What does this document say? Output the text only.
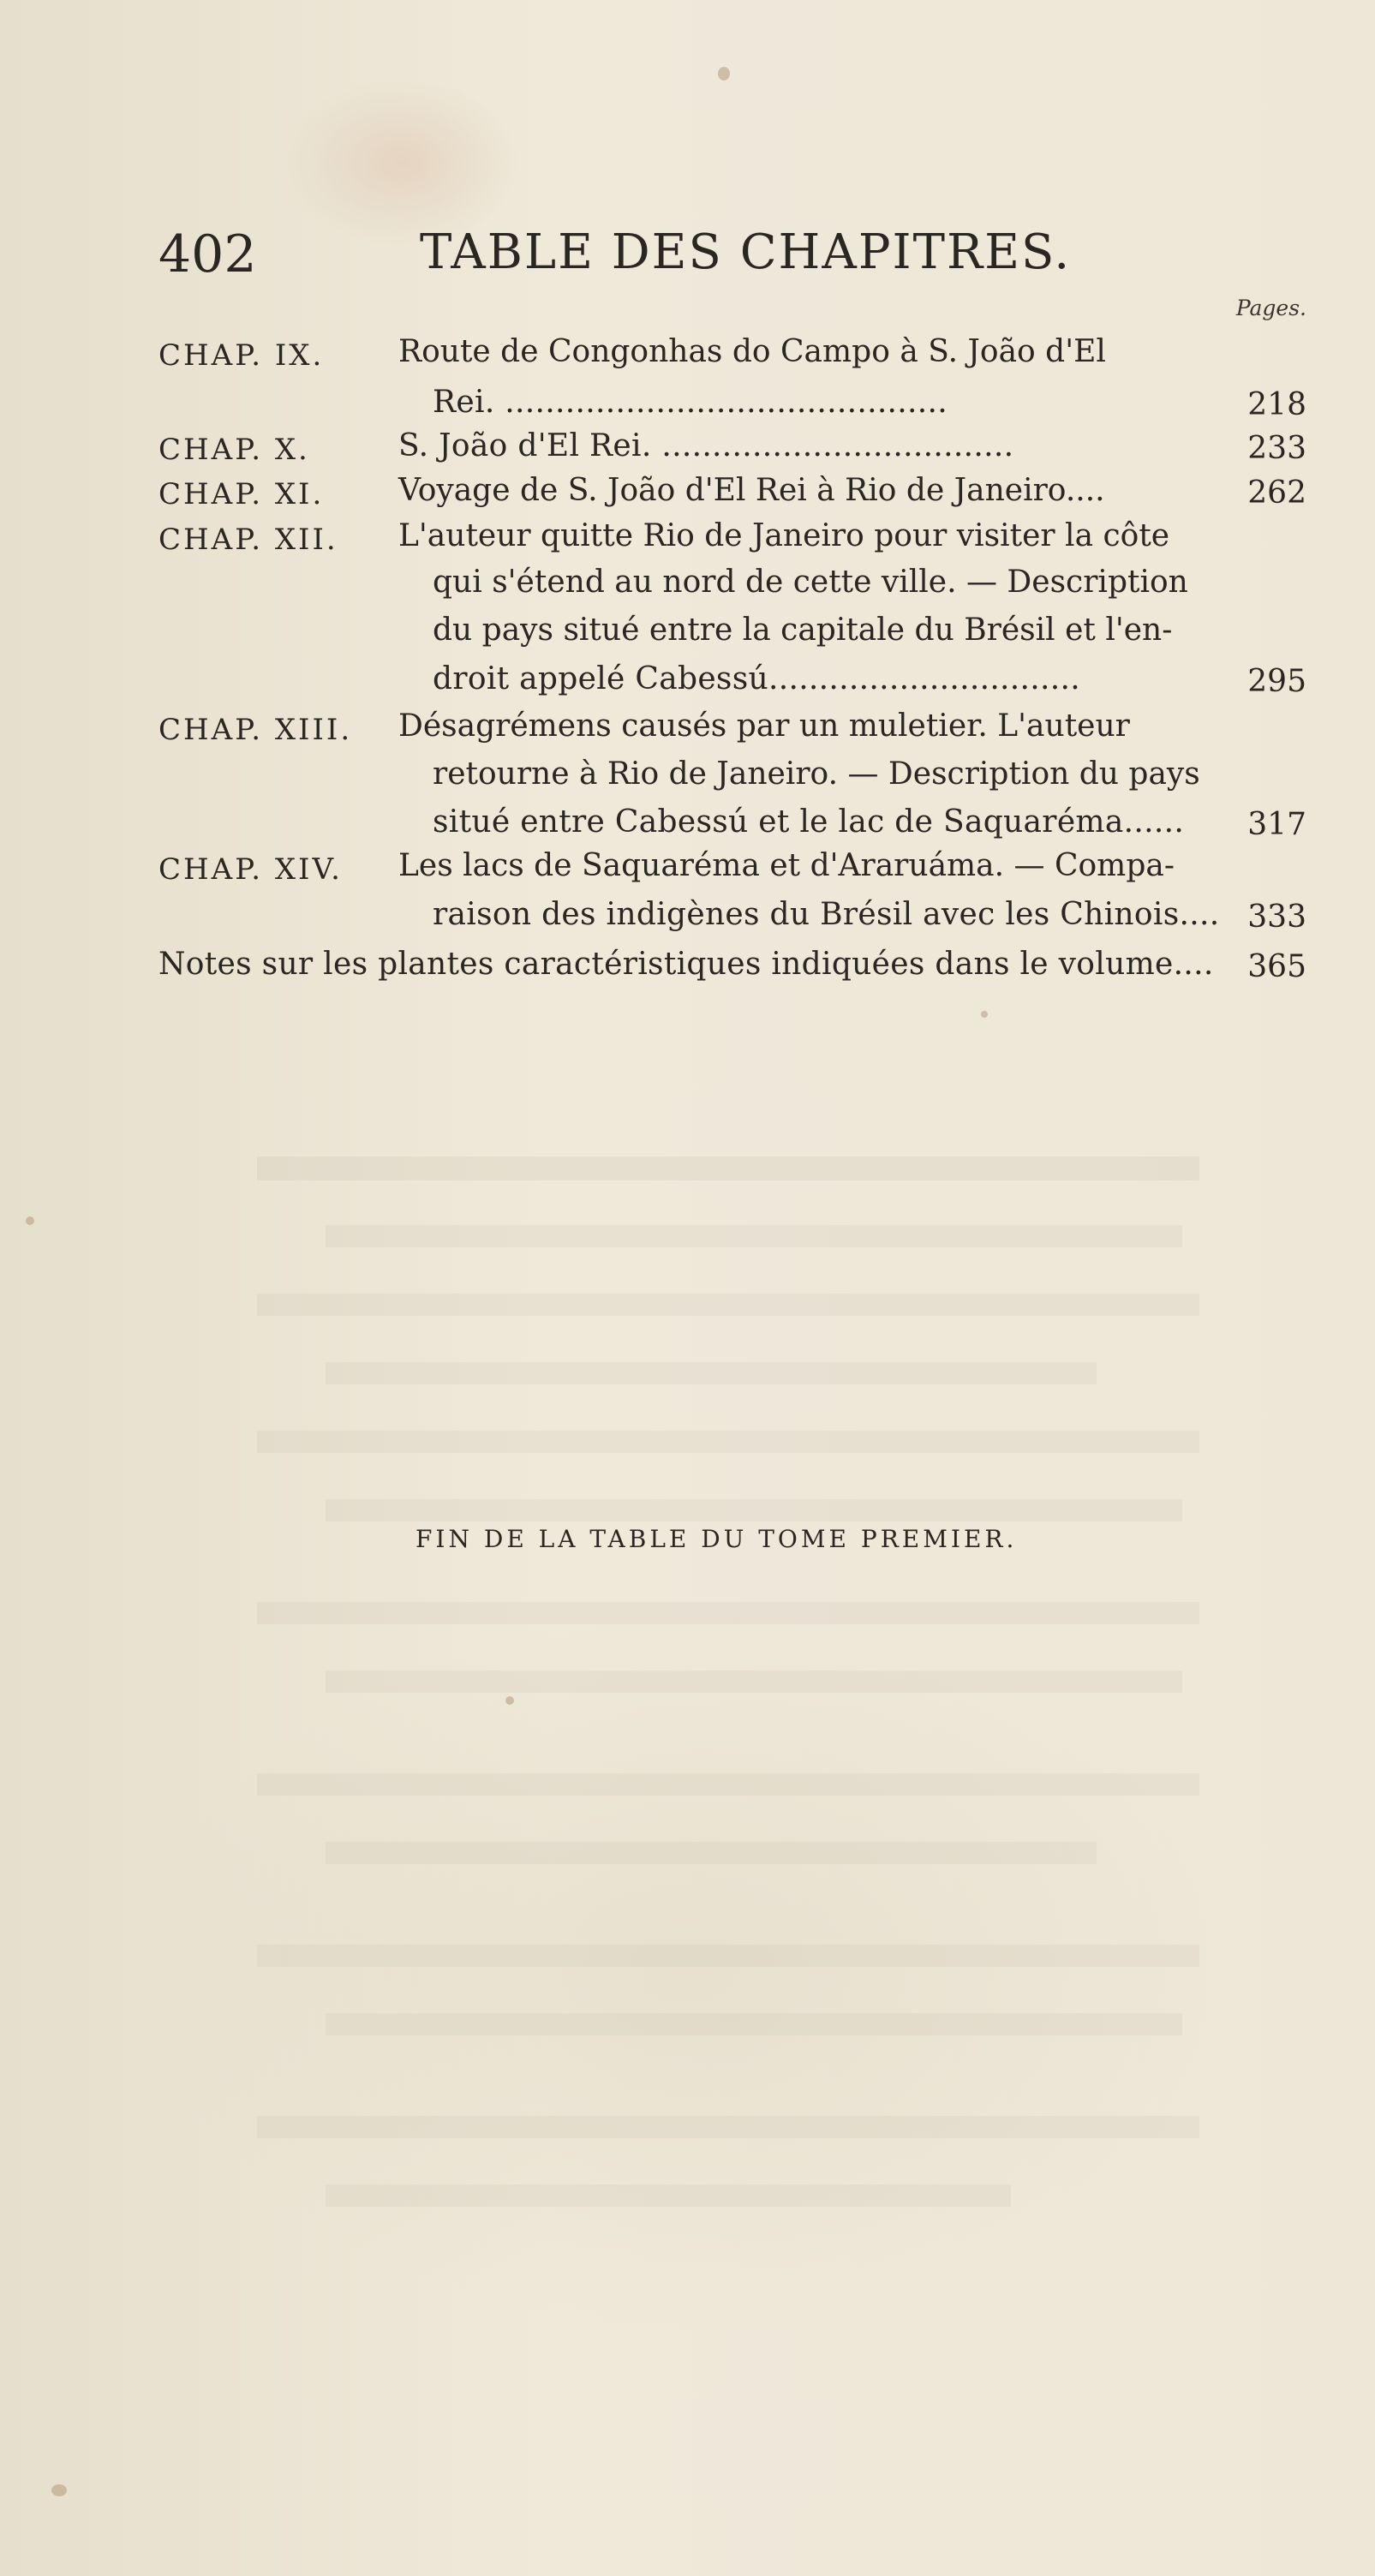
402	TABLE DES CHAPITRES.
Pages.
CHAP. IX. Route de Congonhas do Campo à S. João d'El
Rei. ............................................	218
CHAP. X.	S. João d'El Rei. ...................................	233
CHAP. XI. Voyage de S. João d'El Rei à Rio de Janeiro....	262
CHAP. XII. L'auteur quitte Rio de Janeiro pour visiter la côte
qui s'étend au nord de cette ville. — Description
du pays situé entre la capitale du Brésil et l'en-
droit appelé Cabessú...............................	295
CHAP. XIII. Désagrémens causés par un muletier. L'auteur
retourne à Rio de Janeiro. — Description du pays
situé entre Cabessú et le lac de Saquaréma...... 317
CHAP. XIV. Les lacs de Saquaréma et d'Araruáma. — Compa-
raison des indigènes du Brésil avec les Chinois.... 333
Notes sur les plantes caractéristiques indiquées dans le volume.... 365
FIN DE LA TABLE DU TOME PREMIER.
